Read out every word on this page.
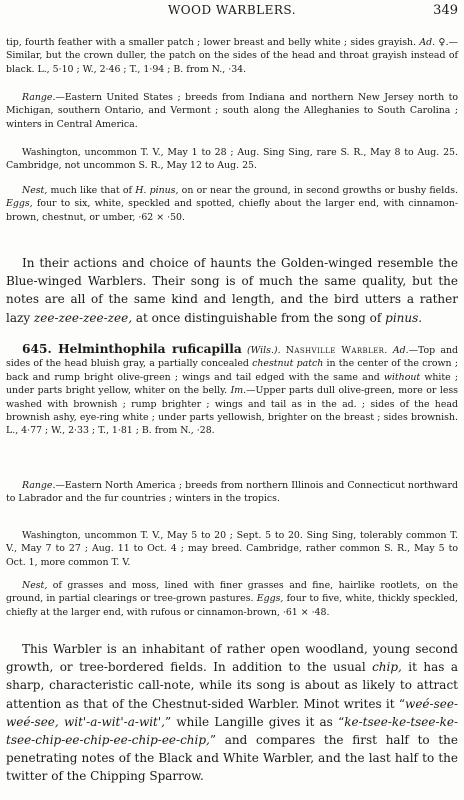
WOOD WARBLERS.	349

tip, fourth feather with a smaller patch ; lower breast and belly white ; sides grayish. Ad. ♀.—Similar, but the crown duller, the patch on the sides of the head and throat grayish instead of black. L., 5·10 ; W., 2·46 ; T., 1·94 ; B. from N., ·34.

Range.—Eastern United States ; breeds from Indiana and northern New Jersey north to Michigan, southern Ontario, and Vermont ; south along the Alleghanies to South Carolina ; winters in Central America.

Washington, uncommon T. V., May 1 to 28 ; Aug. Sing Sing, rare S. R., May 8 to Aug. 25. Cambridge, not uncommon S. R., May 12 to Aug. 25.

Nest, much like that of H. pinus, on or near the ground, in second growths or bushy fields. Eggs, four to six, white, speckled and spotted, chiefly about the larger end, with cinnamon-brown, chestnut, or umber, ·62 × ·50.

In their actions and choice of haunts the Golden-winged resemble the Blue-winged Warblers. Their song is of much the same quality, but the notes are all of the same kind and length, and the bird utters a rather lazy zee-zee-zee-zee, at once distinguishable from the song of pinus.

645. Helminthophila ruficapilla (Wils.). Nashville Warbler. Ad.—Top and sides of the head bluish gray, a partially concealed chestnut patch in the center of the crown ; back and rump bright olive-green ; wings and tail edged with the same and without white ; under parts bright yellow, whiter on the belly. Im.—Upper parts dull olive-green, more or less washed with brownish ; rump brighter ; wings and tail as in the ad. ; sides of the head brownish ashy, eye-ring white ; under parts yellowish, brighter on the breast ; sides brownish. L., 4·77 ; W., 2·33 ; T., 1·81 ; B. from N., ·28.

Range.—Eastern North America ; breeds from northern Illinois and Connecticut northward to Labrador and the fur countries ; winters in the tropics.

Washington, uncommon T. V., May 5 to 20 ; Sept. 5 to 20. Sing Sing, tolerably common T. V., May 7 to 27 ; Aug. 11 to Oct. 4 ; may breed. Cambridge, rather common S. R., May 5 to Oct. 1, more common T. V.

Nest, of grasses and moss, lined with finer grasses and fine, hairlike rootlets, on the ground, in partial clearings or tree-grown pastures. Eggs, four to five, white, thickly speckled, chiefly at the larger end, with rufous or cinnamon-brown, ·61 × ·48.

This Warbler is an inhabitant of rather open woodland, young second growth, or tree-bordered fields. In addition to the usual chip, it has a sharp, characteristic call-note, while its song is about as likely to attract attention as that of the Chestnut-sided Warbler. Minot writes it “weé-see-weé-see, wit'-a-wit'-a-wit',” while Langille gives it as “ke-tsee-ke-tsee-ke-tsee-chip-ee-chip-ee-chip-ee-chip,” and compares the first half to the penetrating notes of the Black and White Warbler, and the last half to the twitter of the Chipping Sparrow.
